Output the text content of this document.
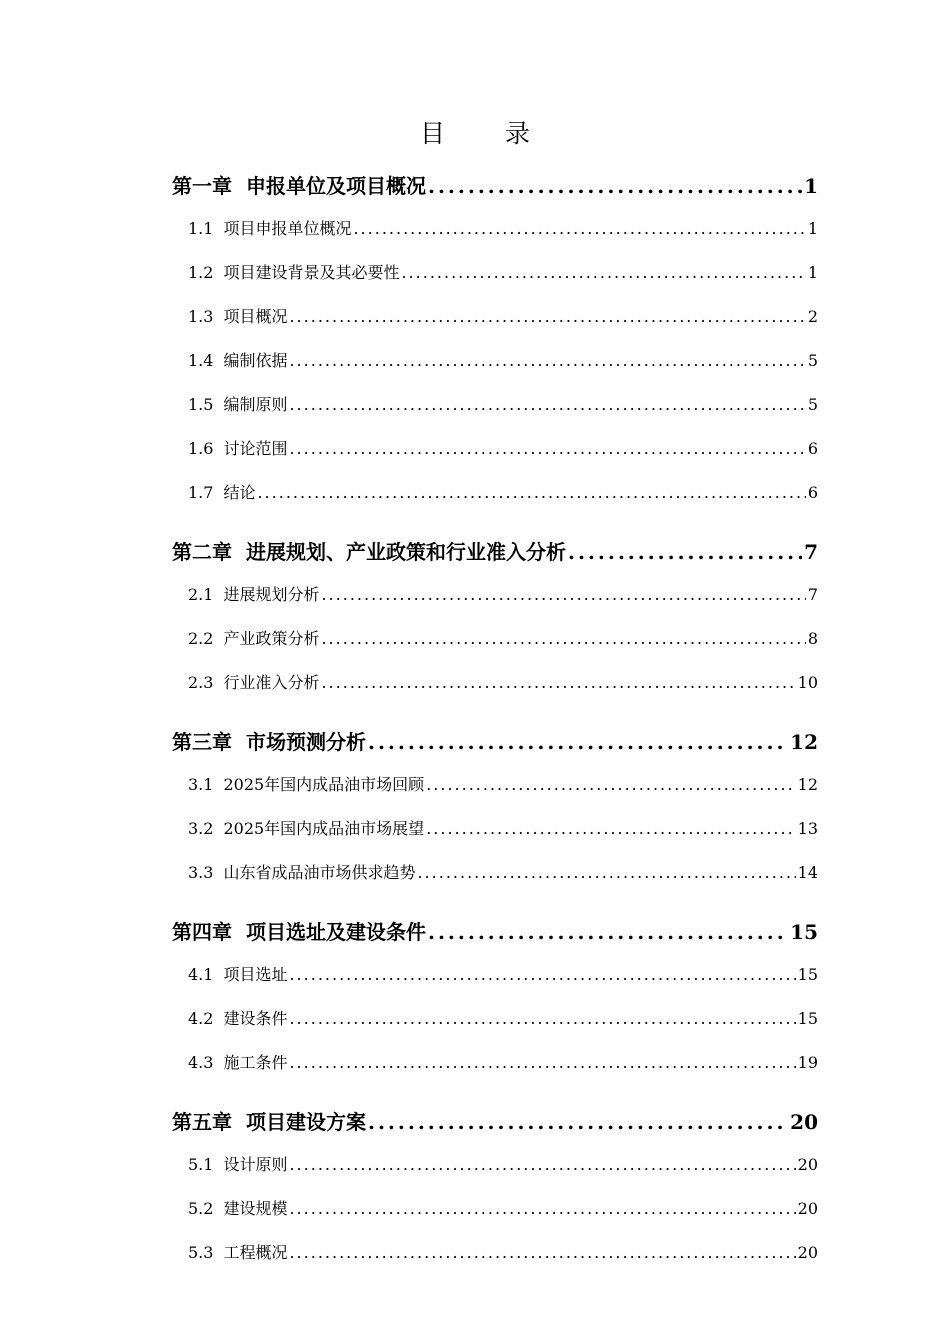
目 录
第一章 申报单位及项目概况 .....	1
1.1 项目申报单位概况 .....	1
1.2 项目建设背景及其必要性 .....	1
1.3 项目概况 .....	2
1.4 编制依据 .....	5
1.5 编制原则 .....	5
1.6 讨论范围 .....	6
1.7 结论 .....	6
第二章 进展规划、产业政策和行业准入分析 .....	7
2.1 进展规划分析 .....	7
2.2 产业政策分析 .....	8
2.3 行业准入分析 .....	10
第三章 市场预测分析 .....	12
3.1 2025年国内成品油市场回顾 .....	12
3.2 2025年国内成品油市场展望 .....	13
3.3 山东省成品油市场供求趋势 .....	14
第四章 项目选址及建设条件 .....	15
4.1 项目选址 .....	15
4.2 建设条件 .....	15
4.3 施工条件 .....	19
第五章 项目建设方案 .....	20
5.1 设计原则 .....	20
5.2 建设规模 .....	20
5.3 工程概况 .....	20
